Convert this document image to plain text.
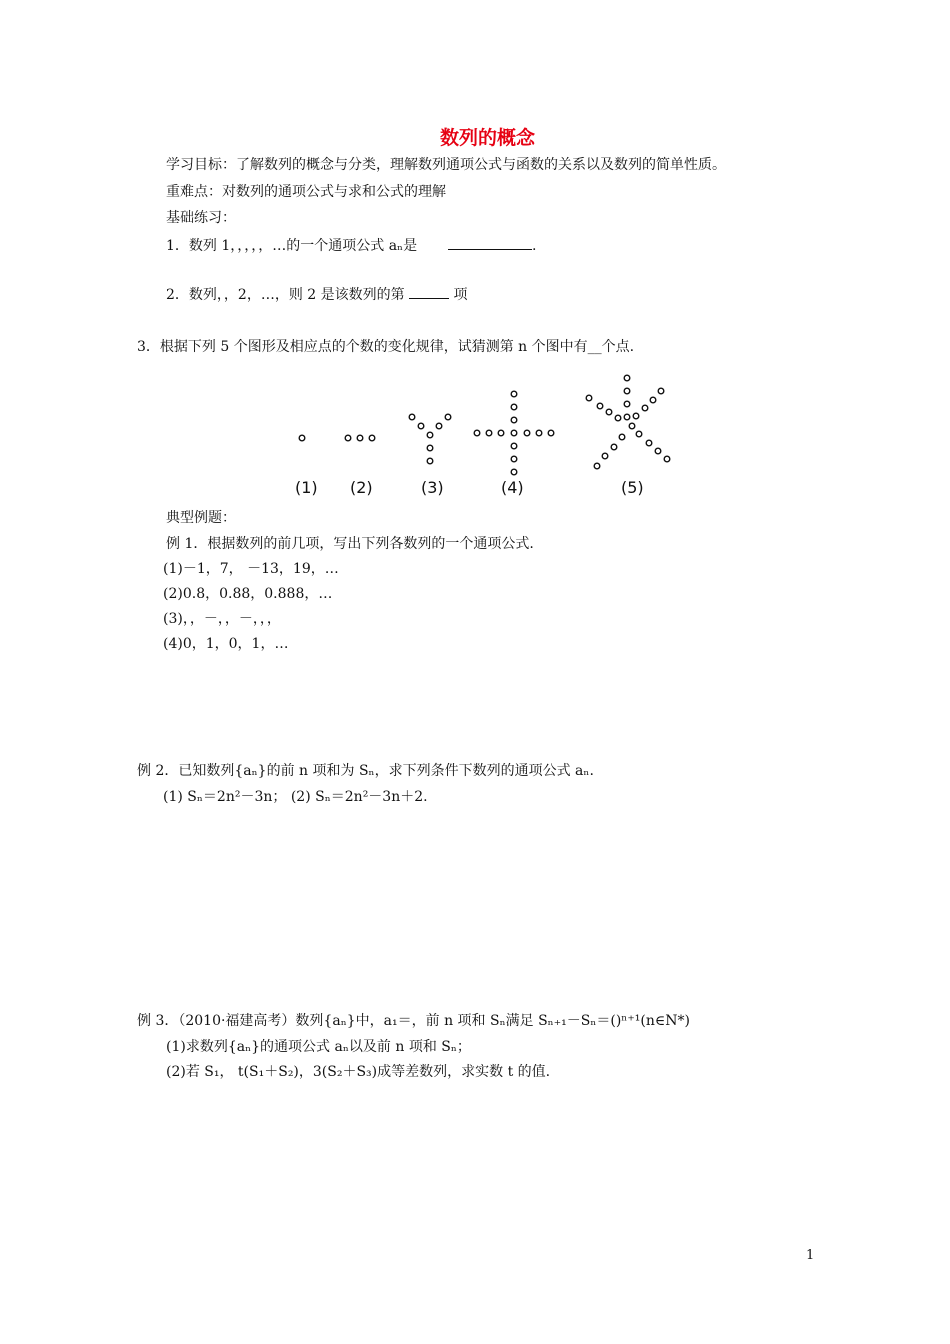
数列的概念
学习目标：了解数列的概念与分类，理解数列通项公式与函数的关系以及数列的简单性质。
重难点：对数列的通项公式与求和公式的理解
基础练习：
1．数列 1，，，，，…的一个通项公式 aₙ是	.
2．数列，，2，…，则 2 是该数列的第	项
3．根据下列 5 个图形及相应点的个数的变化规律，试猜测第 n 个图中有__个点.
(1) (2)	(3)	(4)	(5)
典型例题：
例 1．根据数列的前几项，写出下列各数列的一个通项公式.
(1)－1，7， －13，19，…
(2)0.8，0.88，0.888，…
(3)，，－，，－，，，
(4)0，1，0，1，…
例 2．已知数列{aₙ}的前 n 项和为 Sₙ，求下列条件下数列的通项公式 aₙ.
(1) Sₙ＝2n²－3n； (2) Sₙ＝2n²－3n＋2.
例 3．（2010·福建高考）数列{aₙ}中，a₁＝，前 n 项和 Sₙ满足 Sₙ₊₁－Sₙ＝()ⁿ⁺¹(n∈N*)
(1)求数列{aₙ}的通项公式 aₙ以及前 n 项和 Sₙ；
(2)若 S₁， t(S₁＋S₂)，3(S₂＋S₃)成等差数列，求实数 t 的值.
1
